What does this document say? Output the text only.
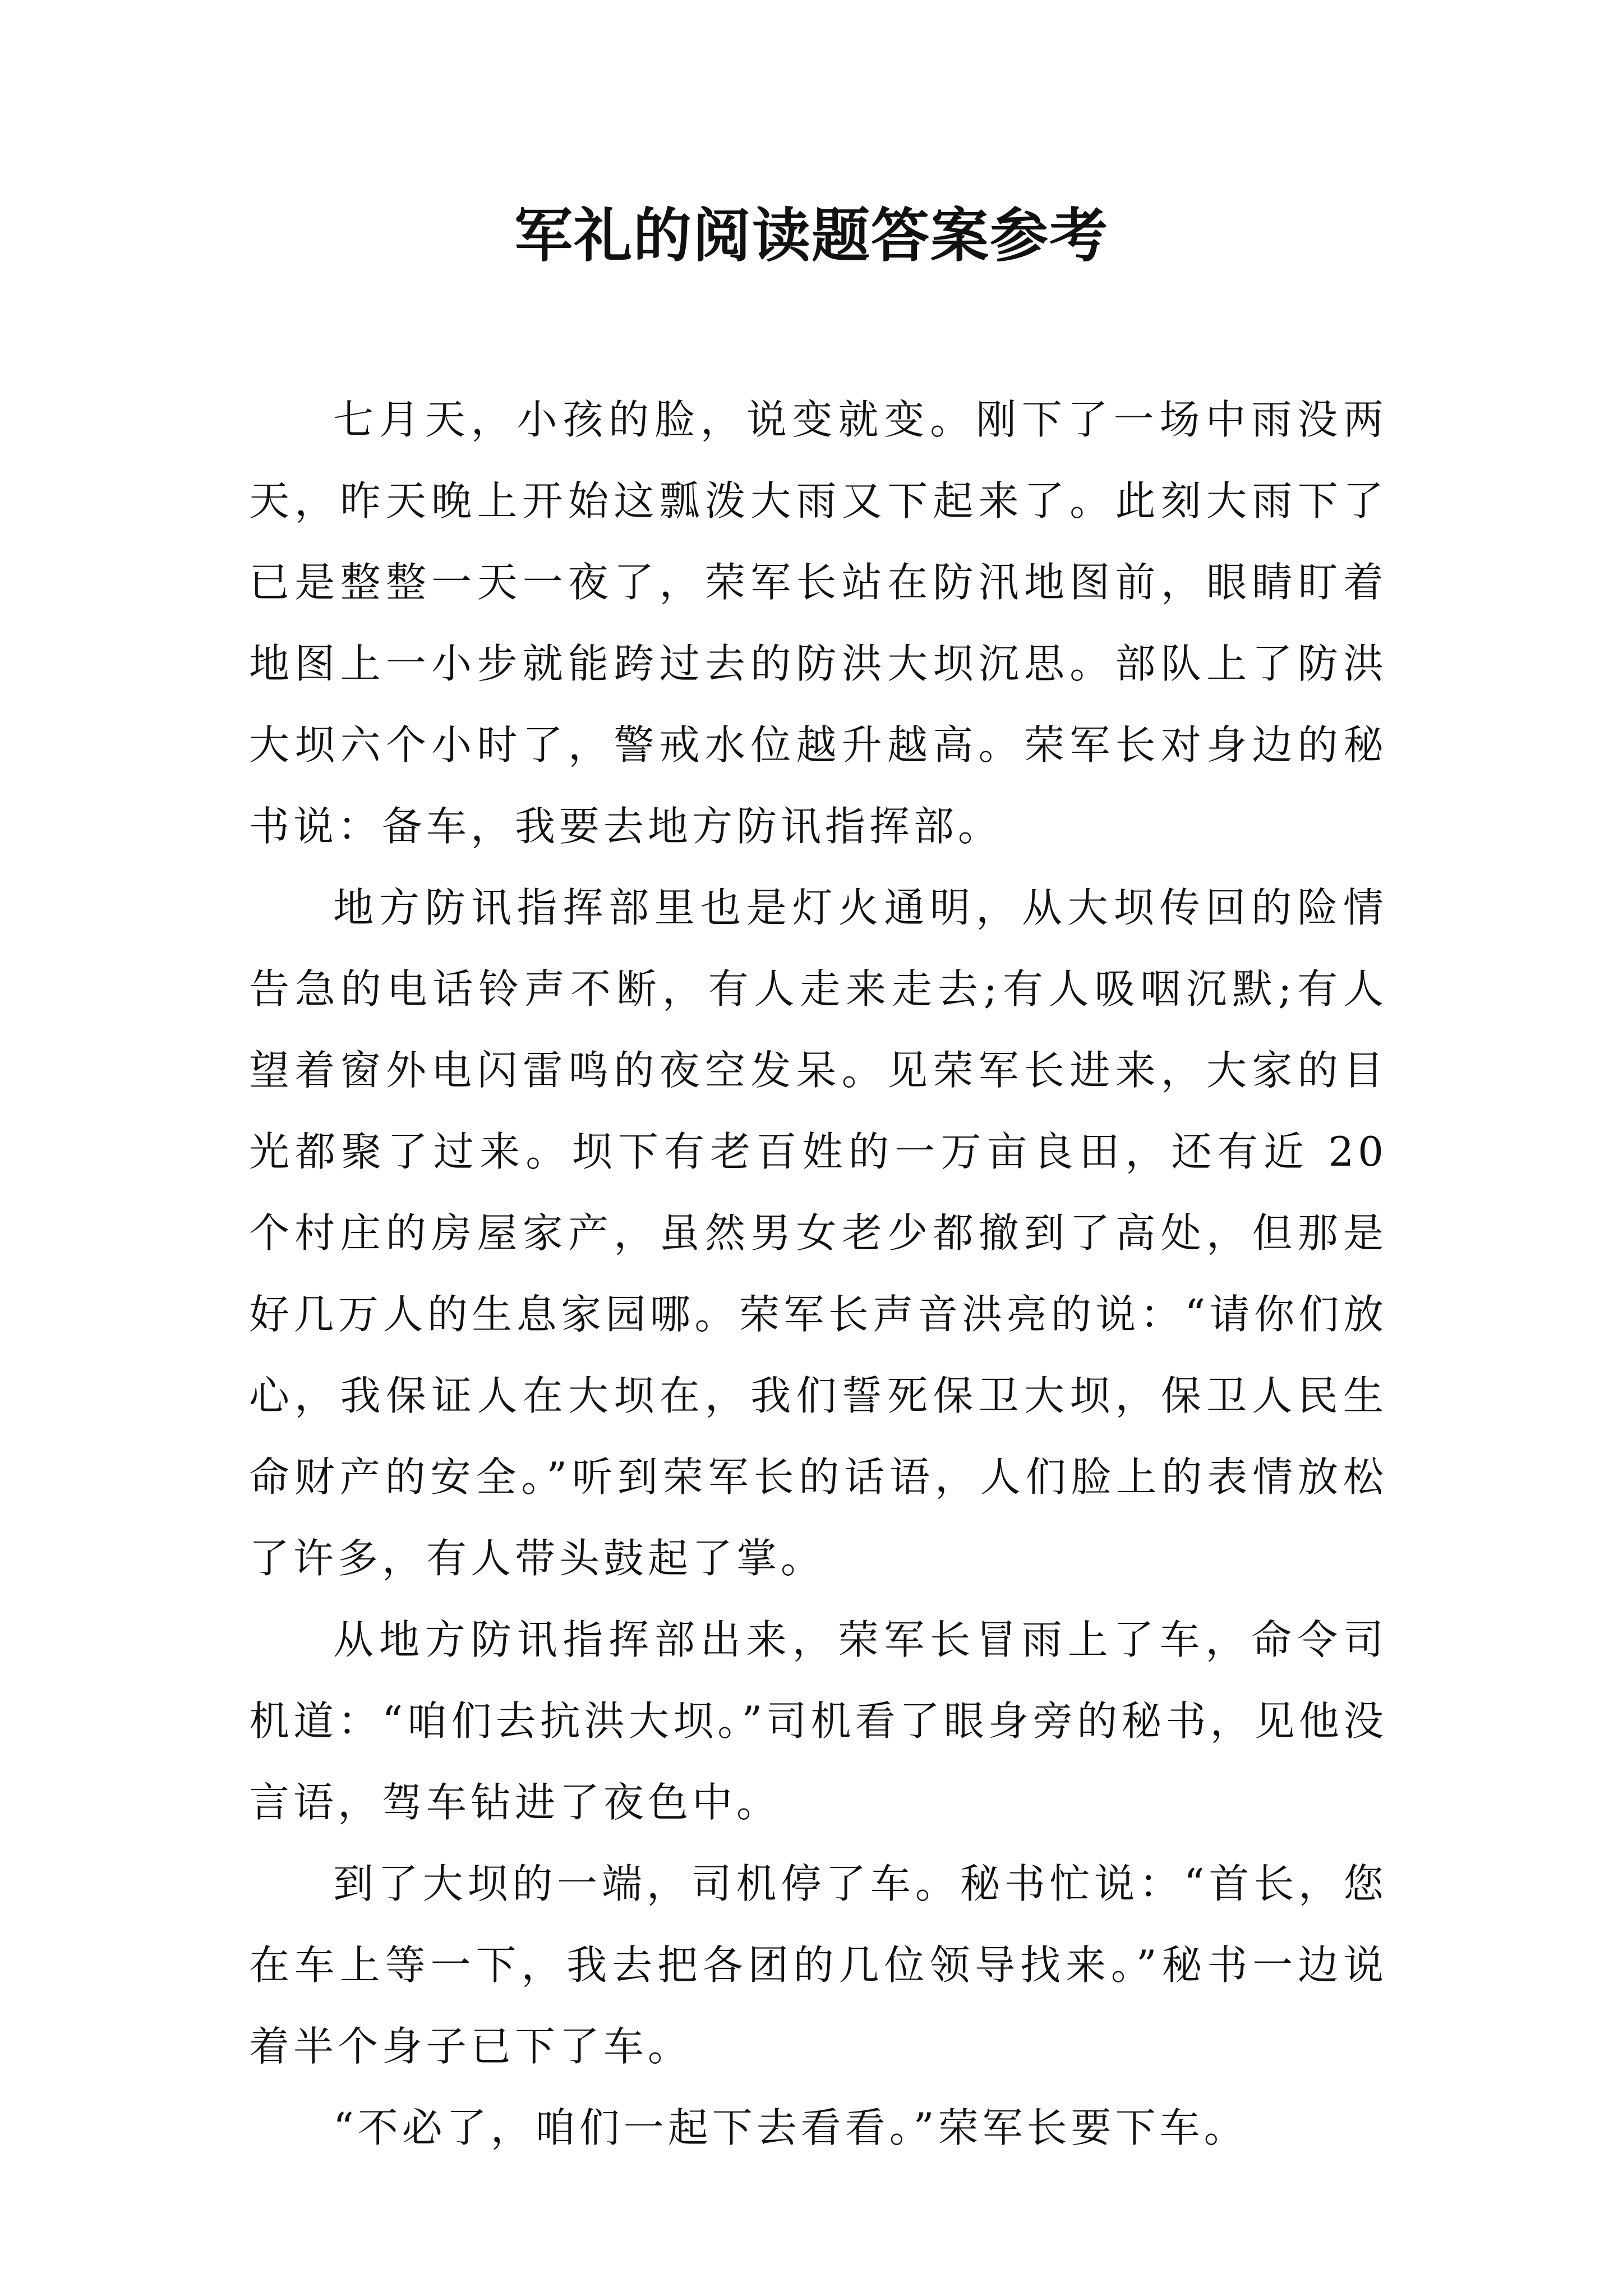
军礼的阅读题答案参考

七月天，小孩的脸，说变就变。刚下了一场中雨没两天，昨天晚上开始这瓢泼大雨又下起来了。此刻大雨下了已是整整一天一夜了，荣军长站在防汛地图前，眼睛盯着地图上一小步就能跨过去的防洪大坝沉思。部队上了防洪大坝六个小时了，警戒水位越升越高。荣军长对身边的秘书说：备车，我要去地方防讯指挥部。

地方防讯指挥部里也是灯火通明，从大坝传回的险情告急的电话铃声不断，有人走来走去;有人吸咽沉默;有人望着窗外电闪雷鸣的夜空发呆。见荣军长进来，大家的目光都聚了过来。坝下有老百姓的一万亩良田，还有近 20 个村庄的房屋家产，虽然男女老少都撤到了高处，但那是好几万人的生息家园哪。荣军长声音洪亮的说：“请你们放心，我保证人在大坝在，我们誓死保卫大坝，保卫人民生命财产的安全。”听到荣军长的话语，人们脸上的表情放松了许多，有人带头鼓起了掌。

从地方防讯指挥部出来，荣军长冒雨上了车，命令司机道：“咱们去抗洪大坝。”司机看了眼身旁的秘书，见他没言语，驾车钻进了夜色中。

到了大坝的一端，司机停了车。秘书忙说：“首长，您在车上等一下，我去把各团的几位领导找来。”秘书一边说着半个身子已下了车。

“不必了，咱们一起下去看看。”荣军长要下车。
